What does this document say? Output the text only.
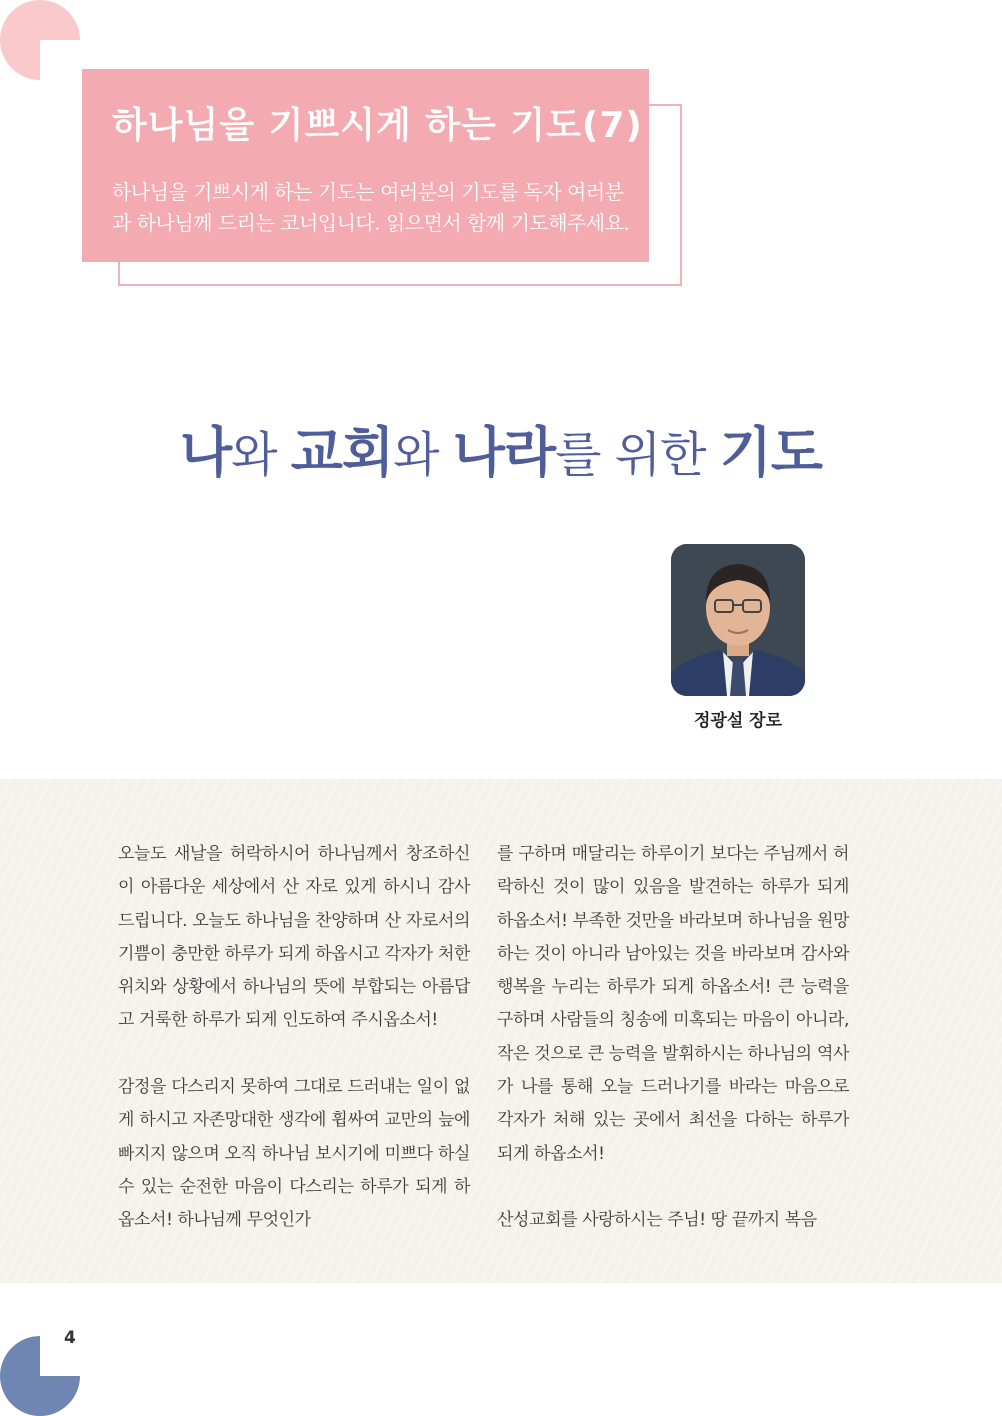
하나님을 기쁘시게 하는 기도(7)
하나님을 기쁘시게 하는 기도는 여러분의 기도를 독자 여러분과 하나님께 드리는 코너입니다. 읽으면서 함께 기도해주세요.
나와 교회와 나라를 위한 기도
정광설 장로

오늘도 새날을 허락하시어 하나님께서 창조하신 이 아름다운 세상에서 산 자로 있게 하시니 감사드립니다. 오늘도 하나님을 찬양하며 산 자로서의 기쁨이 충만한 하루가 되게 하옵시고 각자가 처한 위치와 상황에서 하나님의 뜻에 부합되는 아름답고 거룩한 하루가 되게 인도하여 주시옵소서!

감정을 다스리지 못하여 그대로 드러내는 일이 없게 하시고 자존망대한 생각에 휩싸여 교만의 늪에 빠지지 않으며 오직 하나님 보시기에 미쁘다 하실 수 있는 순전한 마음이 다스리는 하루가 되게 하옵소서! 하나님께 무엇인가

를 구하며 매달리는 하루이기 보다는 주님께서 허락하신 것이 많이 있음을 발견하는 하루가 되게 하옵소서! 부족한 것만을 바라보며 하나님을 원망하는 것이 아니라 남아있는 것을 바라보며 감사와 행복을 누리는 하루가 되게 하옵소서! 큰 능력을 구하며 사람들의 칭송에 미혹되는 마음이 아니라, 작은 것으로 큰 능력을 발휘하시는 하나님의 역사가 나를 통해 오늘 드러나기를 바라는 마음으로 각자가 처해 있는 곳에서 최선을 다하는 하루가 되게 하옵소서!

산성교회를 사랑하시는 주님! 땅 끝까지 복음

4
